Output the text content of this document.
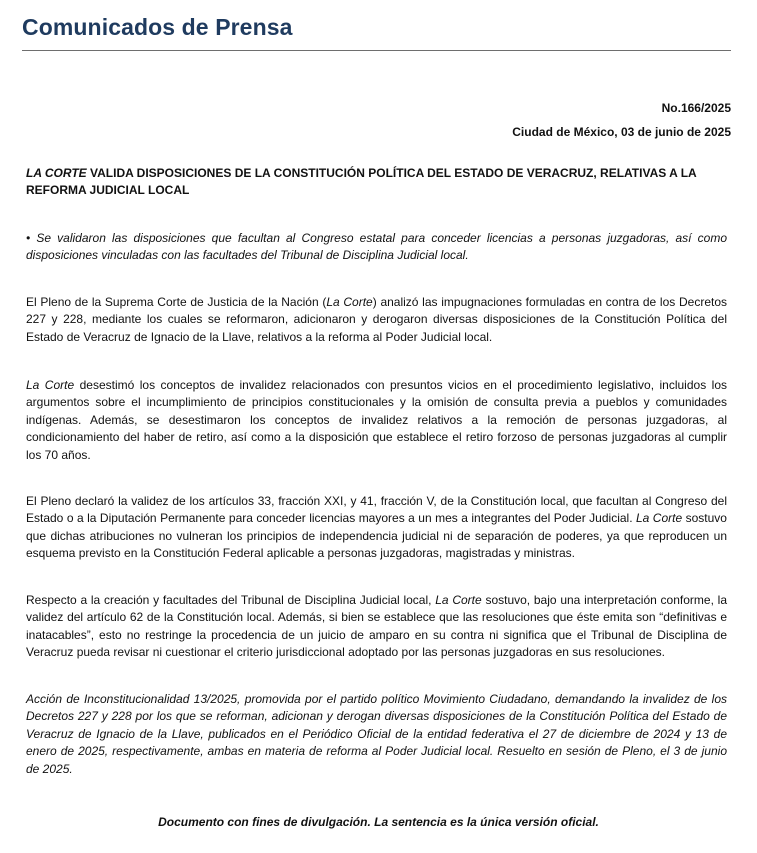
Comunicados de Prensa
No.166/2025
Ciudad de México, 03 de junio de 2025
LA CORTE VALIDA DISPOSICIONES DE LA CONSTITUCIÓN POLÍTICA DEL ESTADO DE VERACRUZ, RELATIVAS A LA REFORMA JUDICIAL LOCAL
• Se validaron las disposiciones que facultan al Congreso estatal para conceder licencias a personas juzgadoras, así como disposiciones vinculadas con las facultades del Tribunal de Disciplina Judicial local.
El Pleno de la Suprema Corte de Justicia de la Nación (La Corte) analizó las impugnaciones formuladas en contra de los Decretos 227 y 228, mediante los cuales se reformaron, adicionaron y derogaron diversas disposiciones de la Constitución Política del Estado de Veracruz de Ignacio de la Llave, relativos a la reforma al Poder Judicial local.
La Corte desestimó los conceptos de invalidez relacionados con presuntos vicios en el procedimiento legislativo, incluidos los argumentos sobre el incumplimiento de principios constitucionales y la omisión de consulta previa a pueblos y comunidades indígenas. Además, se desestimaron los conceptos de invalidez relativos a la remoción de personas juzgadoras, al condicionamiento del haber de retiro, así como a la disposición que establece el retiro forzoso de personas juzgadoras al cumplir los 70 años.
El Pleno declaró la validez de los artículos 33, fracción XXI, y 41, fracción V, de la Constitución local, que facultan al Congreso del Estado o a la Diputación Permanente para conceder licencias mayores a un mes a integrantes del Poder Judicial. La Corte sostuvo que dichas atribuciones no vulneran los principios de independencia judicial ni de separación de poderes, ya que reproducen un esquema previsto en la Constitución Federal aplicable a personas juzgadoras, magistradas y ministras.
Respecto a la creación y facultades del Tribunal de Disciplina Judicial local, La Corte sostuvo, bajo una interpretación conforme, la validez del artículo 62 de la Constitución local. Además, si bien se establece que las resoluciones que éste emita son “definitivas e inatacables”, esto no restringe la procedencia de un juicio de amparo en su contra ni significa que el Tribunal de Disciplina de Veracruz pueda revisar ni cuestionar el criterio jurisdiccional adoptado por las personas juzgadoras en sus resoluciones.
Acción de Inconstitucionalidad 13/2025, promovida por el partido político Movimiento Ciudadano, demandando la invalidez de los Decretos 227 y 228 por los que se reforman, adicionan y derogan diversas disposiciones de la Constitución Política del Estado de Veracruz de Ignacio de la Llave, publicados en el Periódico Oficial de la entidad federativa el 27 de diciembre de 2024 y 13 de enero de 2025, respectivamente, ambas en materia de reforma al Poder Judicial local. Resuelto en sesión de Pleno, el 3 de junio de 2025.
Documento con fines de divulgación. La sentencia es la única versión oficial.
